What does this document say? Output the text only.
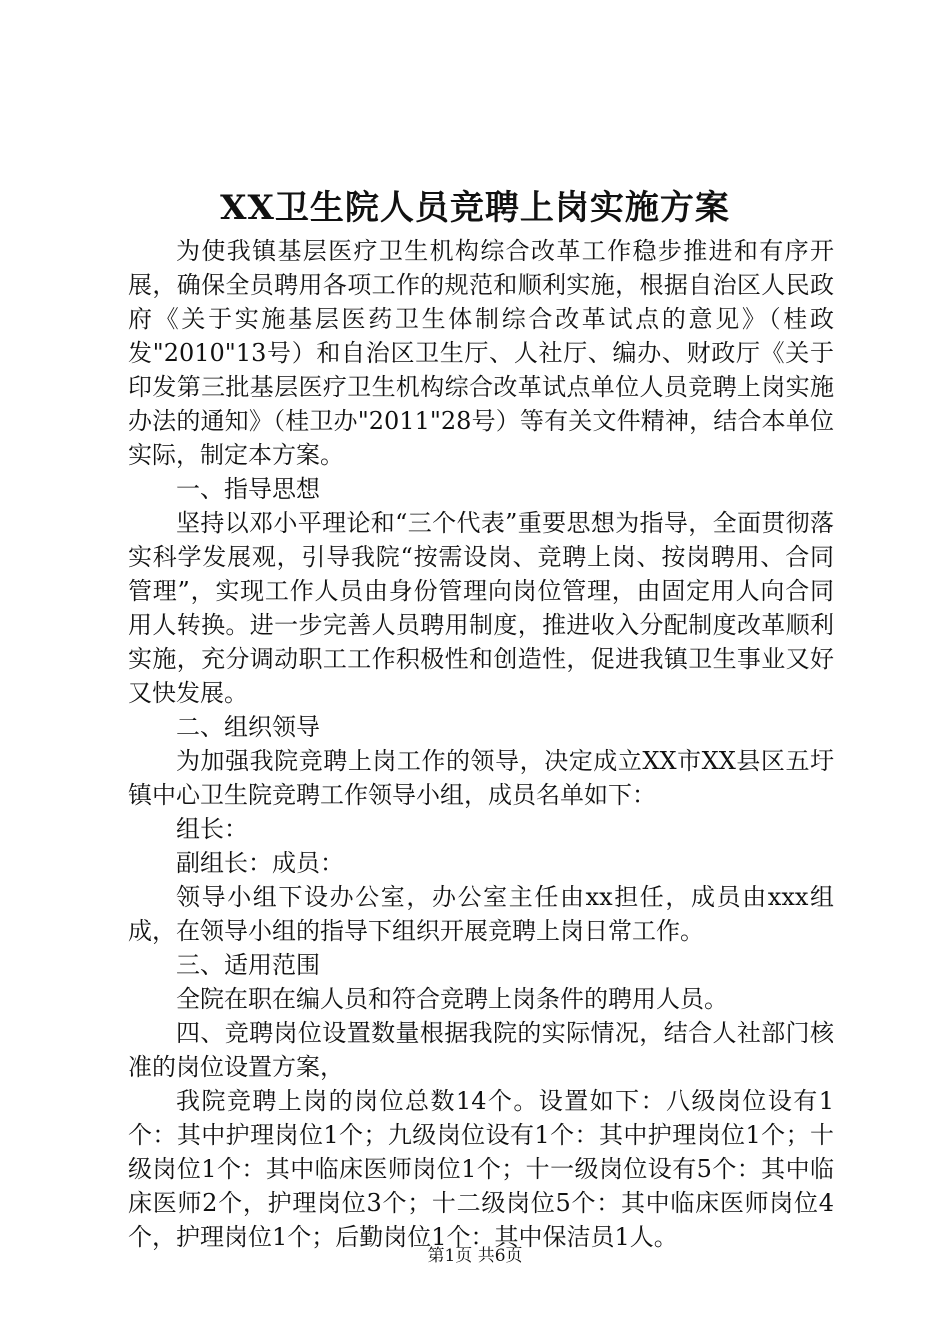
XX卫生院人员竞聘上岗实施方案

为使我镇基层医疗卫生机构综合改革工作稳步推进和有序开展，确保全员聘用各项工作的规范和顺利实施，根据自治区人民政府《关于实施基层医药卫生体制综合改革试点的意见》（桂政发"2010"13号）和自治区卫生厅、人社厅、编办、财政厅《关于印发第三批基层医疗卫生机构综合改革试点单位人员竞聘上岗实施办法的通知》（桂卫办"2011"28号）等有关文件精神，结合本单位实际，制定本方案。

一、指导思想

坚持以邓小平理论和“三个代表”重要思想为指导，全面贯彻落实科学发展观，引导我院“按需设岗、竞聘上岗、按岗聘用、合同管理”，实现工作人员由身份管理向岗位管理，由固定用人向合同用人转换。进一步完善人员聘用制度，推进收入分配制度改革顺利实施，充分调动职工工作积极性和创造性，促进我镇卫生事业又好又快发展。

二、组织领导

为加强我院竞聘上岗工作的领导，决定成立XX市XX县区五圩镇中心卫生院竞聘工作领导小组，成员名单如下：

组长：

副组长：成员：

领导小组下设办公室，办公室主任由xx担任，成员由xxx组成，在领导小组的指导下组织开展竞聘上岗日常工作。

三、适用范围

全院在职在编人员和符合竞聘上岗条件的聘用人员。

四、竞聘岗位设置数量根据我院的实际情况，结合人社部门核准的岗位设置方案，

我院竞聘上岗的岗位总数14个。设置如下：八级岗位设有1个：其中护理岗位1个；九级岗位设有1个：其中护理岗位1个；十级岗位1个：其中临床医师岗位1个；十一级岗位设有5个：其中临床医师2个，护理岗位3个；十二级岗位5个：其中临床医师岗位4个，护理岗位1个；后勤岗位1个：其中保洁员1人。

第1页 共6页
